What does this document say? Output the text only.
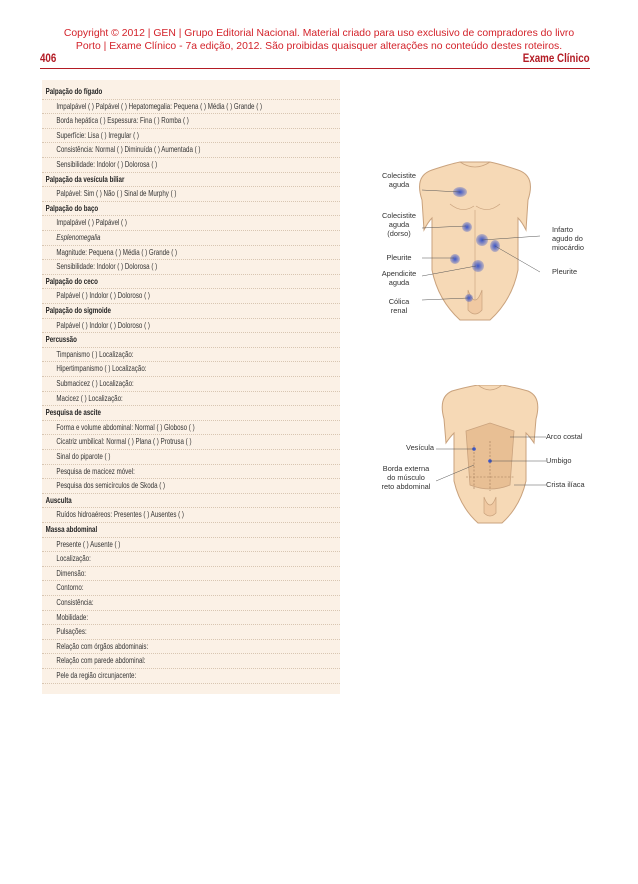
Copyright © 2012 | GEN | Grupo Editorial Nacional. Material criado para uso exclusivo de compradores do livro
Porto | Exame Clínico - 7a edição, 2012. São proibidas quaisquer alterações no conteúdo destes roteiros.
406	Exame Clínico
Palpação do fígado
Impalpável ( ) Palpável ( ) Hepatomegalia: Pequena ( ) Média ( ) Grande ( )
Borda hepática ( ) Espessura: Fina ( ) Romba ( )
Superfície: Lisa ( ) Irregular ( )
Consistência: Normal ( ) Diminuída ( ) Aumentada ( )
Sensibilidade: Indolor ( ) Dolorosa ( )
Palpação da vesícula biliar
Palpável: Sim ( ) Não ( ) Sinal de Murphy ( )
Palpação do baço
Impalpável ( ) Palpável ( )
Esplenomegalia
Magnitude: Pequena ( ) Média ( ) Grande ( )
Sensibilidade: Indolor ( ) Dolorosa ( )
Palpação do ceco
Palpável ( ) Indolor ( ) Doloroso ( )
Palpação do sigmoide
Palpável ( ) Indolor ( ) Doloroso ( )
Percussão
Timpanismo ( ) Localização:
Hipertimpanismo ( ) Localização:
Submacicez ( ) Localização:
Macicez ( ) Localização:
Pesquisa de ascite
Forma e volume abdominal: Normal ( ) Globoso ( )
Cicatriz umbilical: Normal ( ) Plana ( ) Protrusa ( )
Sinal do piparote ( )
Pesquisa de macicez móvel:
Pesquisa dos semicírculos de Skoda ( )
Ausculta
Ruídos hidroaéreos: Presentes ( ) Ausentes ( )
Massa abdominal
Presente ( ) Ausente ( )
Localização:
Dimensão:
Contorno:
Consistência:
Mobilidade:
Pulsações:
Relação com órgãos abdominais:
Relação com parede abdominal:
Pele da região circunjacente:
Colecistite
aguda
Colecistite
aguda
(dorso)
Pleurite
Apendicite
aguda
Cólica
renal
Infarto
agudo do
miocárdio
Pleurite
Vesícula
Borda externa
do músculo
reto abdominal
Arco costal
Umbigo
Crista ilíaca
